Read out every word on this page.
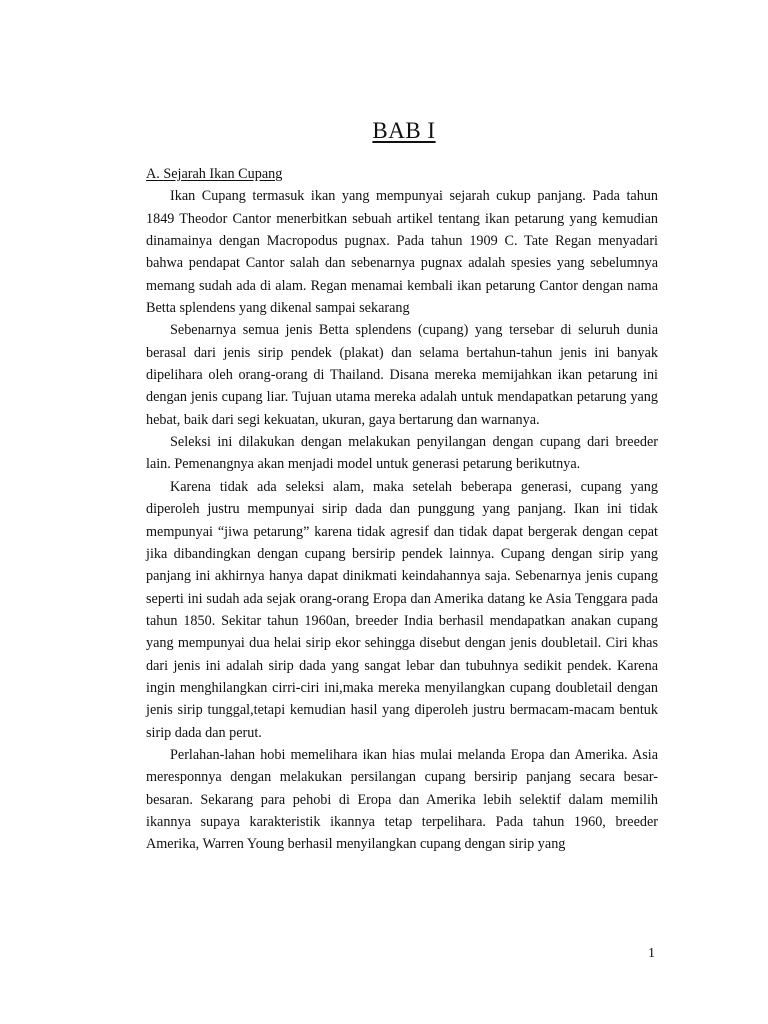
BAB I
A. Sejarah Ikan Cupang

Ikan Cupang termasuk ikan yang mempunyai sejarah cukup panjang. Pada tahun 1849 Theodor Cantor menerbitkan sebuah artikel tentang ikan petarung yang kemudian dinamainya dengan Macropodus pugnax. Pada tahun 1909 C. Tate Regan menyadari bahwa pendapat Cantor salah dan sebenarnya pugnax adalah spesies yang sebelumnya memang sudah ada di alam. Regan menamai kembali ikan petarung Cantor dengan nama Betta splendens yang dikenal sampai sekarang

Sebenarnya semua jenis Betta splendens (cupang) yang tersebar di seluruh dunia berasal dari jenis sirip pendek (plakat) dan selama bertahun-tahun jenis ini banyak dipelihara oleh orang-orang di Thailand. Disana mereka memijahkan ikan petarung ini dengan jenis cupang liar. Tujuan utama mereka adalah untuk mendapatkan petarung yang hebat, baik dari segi kekuatan, ukuran, gaya bertarung dan warnanya.

Seleksi ini dilakukan dengan melakukan penyilangan dengan cupang dari breeder lain. Pemenangnya akan menjadi model untuk generasi petarung berikutnya.

Karena tidak ada seleksi alam, maka setelah beberapa generasi, cupang yang diperoleh justru mempunyai sirip dada dan punggung yang panjang. Ikan ini tidak mempunyai “jiwa petarung” karena tidak agresif dan tidak dapat bergerak dengan cepat jika dibandingkan dengan cupang bersirip pendek lainnya. Cupang dengan sirip yang panjang ini akhirnya hanya dapat dinikmati keindahannya saja. Sebenarnya jenis cupang seperti ini sudah ada sejak orang-orang Eropa dan Amerika datang ke Asia Tenggara pada tahun 1850. Sekitar tahun 1960an, breeder India berhasil mendapatkan anakan cupang yang mempunyai dua helai sirip ekor sehingga disebut dengan jenis doubletail. Ciri khas dari jenis ini adalah sirip dada yang sangat lebar dan tubuhnya sedikit pendek. Karena ingin menghilangkan cirri-ciri ini,maka mereka menyilangkan cupang doubletail dengan jenis sirip tunggal,tetapi kemudian hasil yang diperoleh justru bermacam-macam bentuk sirip dada dan perut.

Perlahan-lahan hobi memelihara ikan hias mulai melanda Eropa dan Amerika. Asia meresponnya dengan melakukan persilangan cupang bersirip panjang secara besar-besaran. Sekarang para pehobi di Eropa dan Amerika lebih selektif dalam memilih ikannya supaya karakteristik ikannya tetap terpelihara. Pada tahun 1960, breeder Amerika, Warren Young berhasil menyilangkan cupang dengan sirip yang

1
